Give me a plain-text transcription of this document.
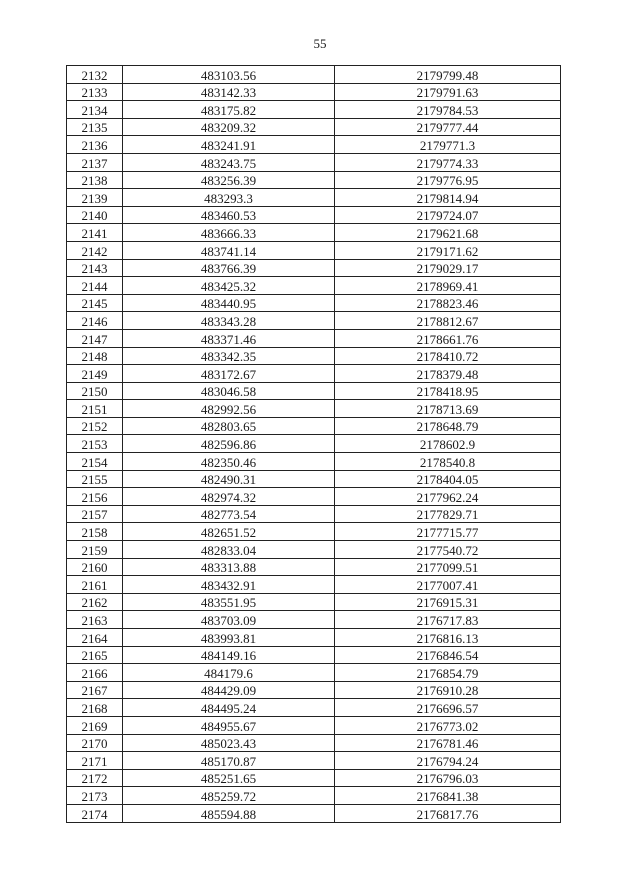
55
2132	483103.56	2179799.48
2133	483142.33	2179791.63
2134	483175.82	2179784.53
2135	483209.32	2179777.44
2136	483241.91	2179771.3
2137	483243.75	2179774.33
2138	483256.39	2179776.95
2139	483293.3	2179814.94
2140	483460.53	2179724.07
2141	483666.33	2179621.68
2142	483741.14	2179171.62
2143	483766.39	2179029.17
2144	483425.32	2178969.41
2145	483440.95	2178823.46
2146	483343.28	2178812.67
2147	483371.46	2178661.76
2148	483342.35	2178410.72
2149	483172.67	2178379.48
2150	483046.58	2178418.95
2151	482992.56	2178713.69
2152	482803.65	2178648.79
2153	482596.86	2178602.9
2154	482350.46	2178540.8
2155	482490.31	2178404.05
2156	482974.32	2177962.24
2157	482773.54	2177829.71
2158	482651.52	2177715.77
2159	482833.04	2177540.72
2160	483313.88	2177099.51
2161	483432.91	2177007.41
2162	483551.95	2176915.31
2163	483703.09	2176717.83
2164	483993.81	2176816.13
2165	484149.16	2176846.54
2166	484179.6	2176854.79
2167	484429.09	2176910.28
2168	484495.24	2176696.57
2169	484955.67	2176773.02
2170	485023.43	2176781.46
2171	485170.87	2176794.24
2172	485251.65	2176796.03
2173	485259.72	2176841.38
2174	485594.88	2176817.76
